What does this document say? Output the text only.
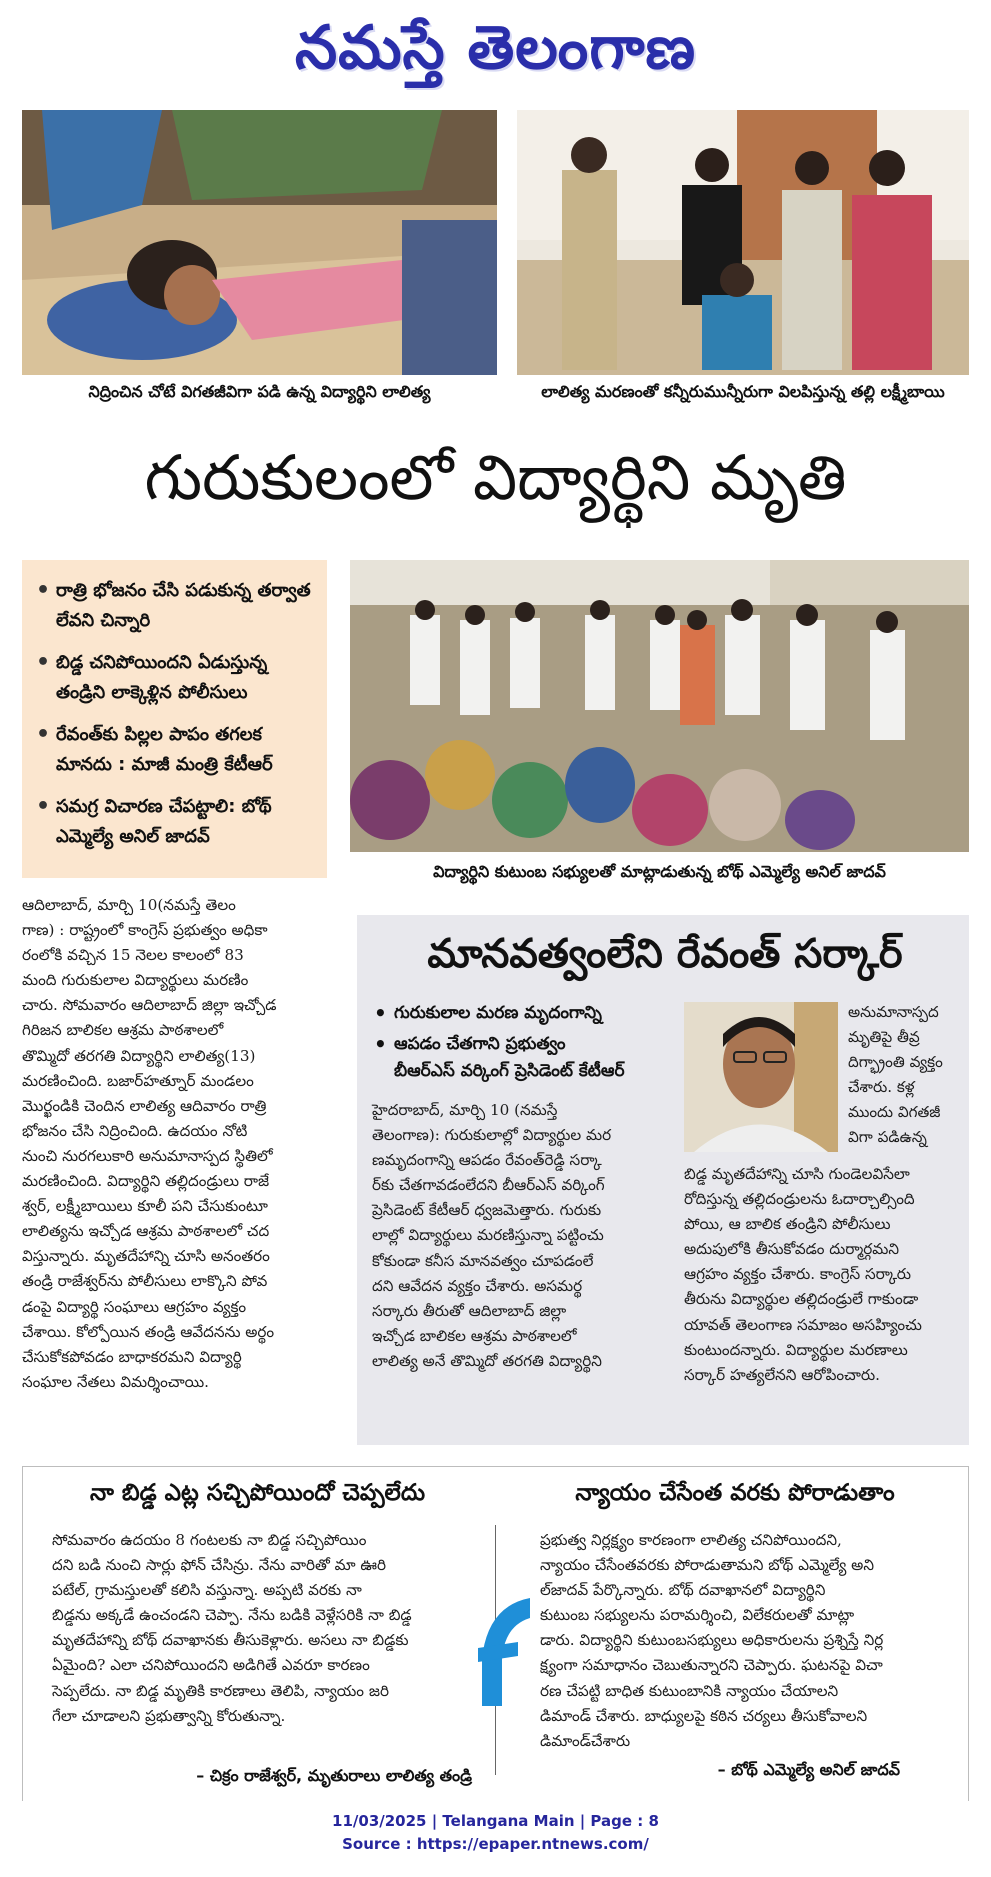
నమస్తే తెలంగాణ
నిద్రించిన చోటే విగతజీవిగా పడి ఉన్న విద్యార్థిని లాలిత్య	లాలిత్య మరణంతో కన్నీరుమున్నీరుగా విలపిస్తున్న తల్లి లక్ష్మీబాయి
గురుకులంలో విద్యార్థిని మృతి
• రాత్రి భోజనం చేసి పడుకున్న తర్వాత లేవని చిన్నారి
• బిడ్డ చనిపోయిందని ఏడుస్తున్న తండ్రిని లాక్కెళ్లిన పోలీసులు
• రేవంత్‌కు పిల్లల పాపం తగలక మానదు : మాజీ మంత్రి కేటీఆర్
• సమగ్ర విచారణ చేపట్టాలి: బోథ్ ఎమ్మెల్యే అనిల్ జాదవ్
విద్యార్థిని కుటుంబ సభ్యులతో మాట్లాడుతున్న బోథ్ ఎమ్మెల్యే అనిల్ జాదవ్
ఆదిలాబాద్, మార్చి 10(నమస్తే తెలం
గాణ) : రాష్ట్రంలో కాంగ్రెస్ ప్రభుత్వం అధికా
రంలోకి వచ్చిన 15 నెలల కాలంలో 83
మంది గురుకులాల విద్యార్థులు మరణిం
చారు. సోమవారం ఆదిలాబాద్ జిల్లా ఇచ్చోడ
గిరిజన బాలికల ఆశ్రమ పాఠశాలలో
తొమ్మిదో తరగతి విద్యార్థిని లాలిత్య(13)
మరణించింది. బజార్‌హత్నూర్ మండలం
మొర్ఖండికి చెందిన లాలిత్య ఆదివారం రాత్రి
భోజనం చేసి నిద్రించింది. ఉదయం నోటి
నుంచి నురగలుకారి అనుమానాస్పద స్థితిలో
మరణించింది. విద్యార్థిని తల్లిదండ్రులు రాజే
శ్వర్, లక్ష్మీబాయిలు కూలీ పని చేసుకుంటూ
లాలిత్యను ఇచ్చోడ ఆశ్రమ పాఠశాలలో చద
విస్తున్నారు. మృతదేహాన్ని చూసి అనంతరం
తండ్రి రాజేశ్వర్‌ను పోలీసులు లాక్కొని పోవ
డంపై విద్యార్థి సంఘాలు ఆగ్రహం వ్యక్తం
చేశాయి. కోల్పోయిన తండ్రి ఆవేదనను అర్థం
చేసుకోకపోవడం బాధాకరమని విద్యార్థి
సంఘాల నేతలు విమర్శించాయి.
మానవత్వంలేని రేవంత్ సర్కార్
• గురుకులాల మరణ మృదంగాన్ని
• ఆపడం చేతగాని ప్రభుత్వం
బీఆర్ఎస్ వర్కింగ్ ప్రెసిడెంట్ కేటీఆర్
హైదరాబాద్, మార్చి 10 (నమస్తే
తెలంగాణ): గురుకులాల్లో విద్యార్థుల మర
ణమృదంగాన్ని ఆపడం రేవంత్‌రెడ్డి సర్కా
ర్‌కు చేతగావడంలేదని బీఆర్ఎస్ వర్కింగ్
ప్రెసిడెంట్ కేటీఆర్ ధ్వజమెత్తారు. గురుకు
లాల్లో విద్యార్థులు మరణిస్తున్నా పట్టించు
కోకుండా కనీస మానవత్వం చూపడంలే
దని ఆవేదన వ్యక్తం చేశారు. అసమర్థ
సర్కారు తీరుతో ఆదిలాబాద్ జిల్లా
ఇచ్చోడ బాలికల ఆశ్రమ పాఠశాలలో
లాలిత్య అనే తొమ్మిదో తరగతి విద్యార్థిని
అనుమానాస్పద
మృతిపై తీవ్ర
దిగ్భ్రాంతి వ్యక్తం
చేశారు. కళ్ల
ముందు విగతజీ
విగా పడిఉన్న
బిడ్డ మృతదేహాన్ని చూసి గుండెలవిసేలా
రోదిస్తున్న తల్లిదండ్రులను ఓదార్చాల్సింది
పోయి, ఆ బాలిక తండ్రిని పోలీసులు
అదుపులోకి తీసుకోవడం దుర్మార్గమని
ఆగ్రహం వ్యక్తం చేశారు. కాంగ్రెస్ సర్కారు
తీరును విద్యార్థుల తల్లిదండ్రులే గాకుండా
యావత్ తెలంగాణ సమాజం అసహ్యించు
కుంటుందన్నారు. విద్యార్థుల మరణాలు
సర్కార్ హత్యలేనని ఆరోపించారు.
నా బిడ్డ ఎట్ల సచ్చిపోయిందో చెప్పలేదు
సోమవారం ఉదయం 8 గంటలకు నా బిడ్డ సచ్చిపోయిం
దని బడి నుంచి సార్లు ఫోన్ చేసిన్రు. నేను వారితో మా ఊరి
పటేల్, గ్రామస్తులతో కలిసి వస్తున్నా. అప్పటి వరకు నా
బిడ్డను అక్కడే ఉంచండని చెప్పా. నేను బడికి వెళ్లేసరికి నా బిడ్డ
మృతదేహాన్ని బోథ్ దవాఖానకు తీసుకెళ్లారు. అసలు నా బిడ్డకు
ఏమైంది? ఎలా చనిపోయిందని అడిగితే ఎవరూ కారణం
సెప్పలేదు. నా బిడ్డ మృతికి కారణాలు తెలిపి, న్యాయం జరి
గేలా చూడాలని ప్రభుత్వాన్ని కోరుతున్నా.
– చిక్రం రాజేశ్వర్, మృతురాలు లాలిత్య తండ్రి
న్యాయం చేసేంత వరకు పోరాడుతాం
ప్రభుత్వ నిర్లక్ష్యం కారణంగా లాలిత్య చనిపోయిందని,
న్యాయం చేసేంతవరకు పోరాడుతామని బోథ్ ఎమ్మెల్యే అని
ల్‌జాదవ్ పేర్కొన్నారు. బోథ్ దవాఖానలో విద్యార్థిని
కుటుంబ సభ్యులను పరామర్శించి, విలేకరులతో మాట్లా
డారు. విద్యార్థిని కుటుంబసభ్యులు అధికారులను ప్రశ్నిస్తే నిర్ల
క్ష్యంగా సమాధానం చెబుతున్నారని చెప్పారు. ఘటనపై విచా
రణ చేపట్టి బాధిత కుటుంబానికి న్యాయం చేయాలని
డిమాండ్ చేశారు. బాధ్యులపై కఠిన చర్యలు తీసుకోవాలని
డిమాండ్‌చేశారు
– బోథ్ ఎమ్మెల్యే అనిల్ జాదవ్
11/03/2025 | Telangana Main | Page : 8
Source : https://epaper.ntnews.com/
